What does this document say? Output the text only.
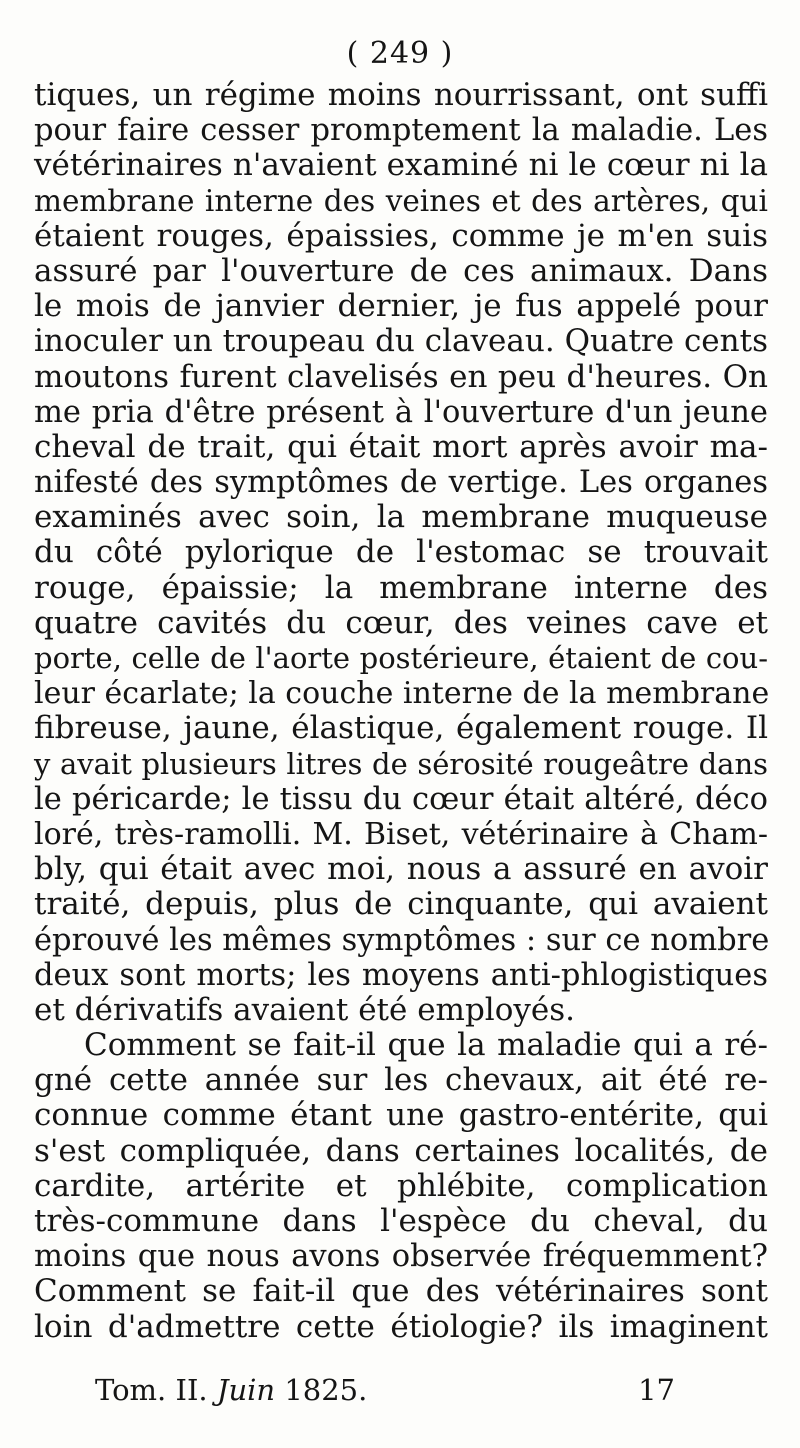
( 249 )
tiques, un régime moins nourrissant, ont suffi
pour faire cesser promptement la maladie. Les
vétérinaires n'avaient examiné ni le cœur ni la
membrane interne des veines et des artères, qui
étaient rouges, épaissies, comme je m'en suis
assuré par l'ouverture de ces animaux. Dans
le mois de janvier dernier, je fus appelé pour
inoculer un troupeau du claveau. Quatre cents
moutons furent clavelisés en peu d'heures. On
me pria d'être présent à l'ouverture d'un jeune
cheval de trait, qui était mort après avoir ma-
nifesté des symptômes de vertige. Les organes
examinés avec soin, la membrane muqueuse
du côté pylorique de l'estomac se trouvait
rouge, épaissie; la membrane interne des
quatre cavités du cœur, des veines cave et
porte, celle de l'aorte postérieure, étaient de cou-
leur écarlate; la couche interne de la membrane
fibreuse, jaune, élastique, également rouge. Il
y avait plusieurs litres de sérosité rougeâtre dans
le péricarde; le tissu du cœur était altéré, déco
loré, très-ramolli. M. Biset, vétérinaire à Cham-
bly, qui était avec moi, nous a assuré en avoir
traité, depuis, plus de cinquante, qui avaient
éprouvé les mêmes symptômes : sur ce nombre
deux sont morts; les moyens anti-phlogistiques
et dérivatifs avaient été employés.
Comment se fait-il que la maladie qui a ré-
gné cette année sur les chevaux, ait été re-
connue comme étant une gastro-entérite, qui
s'est compliquée, dans certaines localités, de
cardite, artérite et phlébite, complication
très-commune dans l'espèce du cheval, du
moins que nous avons observée fréquemment?
Comment se fait-il que des vétérinaires sont
loin d'admettre cette étiologie? ils imaginent
Tom. II. Juin 1825.	17
